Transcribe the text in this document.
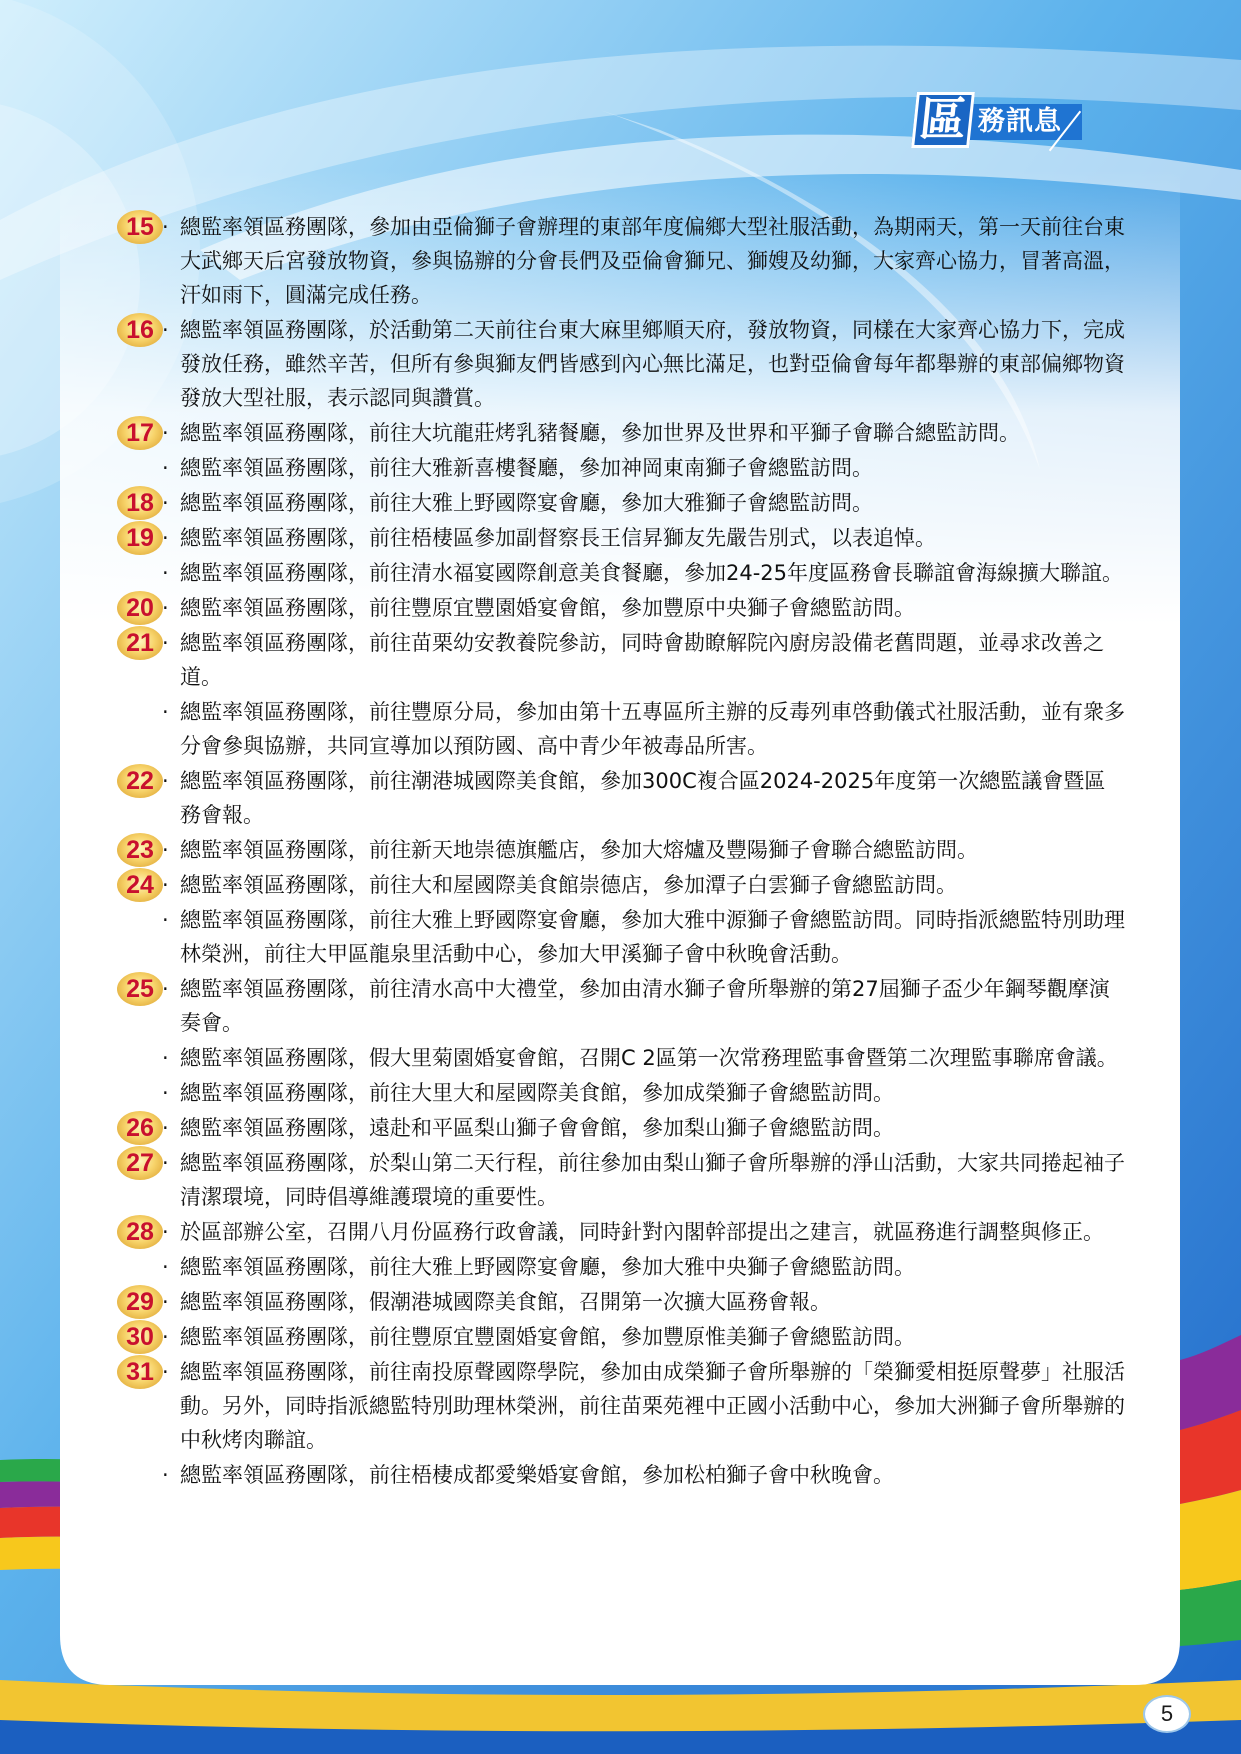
務訊息
區
15 · 總監率領區務團隊，參加由亞倫獅子會辦理的東部年度偏鄉大型社服活動，為期兩天，第一天前往台東大武鄉天后宮發放物資，參與協辦的分會長們及亞倫會獅兄、獅嫂及幼獅，大家齊心協力，冒著高溫，汗如雨下，圓滿完成任務。
16 · 總監率領區務團隊，於活動第二天前往台東大麻里鄉順天府，發放物資，同樣在大家齊心協力下，完成發放任務，雖然辛苦，但所有參與獅友們皆感到內心無比滿足，也對亞倫會每年都舉辦的東部偏鄉物資發放大型社服，表示認同與讚賞。
17 · 總監率領區務團隊，前往大坑龍莊烤乳豬餐廳，參加世界及世界和平獅子會聯合總監訪問。
· 總監率領區務團隊，前往大雅新喜樓餐廳，參加神岡東南獅子會總監訪問。
18 · 總監率領區務團隊，前往大雅上野國際宴會廳，參加大雅獅子會總監訪問。
19 · 總監率領區務團隊，前往梧棲區參加副督察長王信昇獅友先嚴告別式，以表追悼。
· 總監率領區務團隊，前往清水福宴國際創意美食餐廳，參加24-25年度區務會長聯誼會海線擴大聯誼。
20 · 總監率領區務團隊，前往豐原宜豐園婚宴會館，參加豐原中央獅子會總監訪問。
21 · 總監率領區務團隊，前往苗栗幼安教養院參訪，同時會勘瞭解院內廚房設備老舊問題，並尋求改善之道。
· 總監率領區務團隊，前往豐原分局，參加由第十五專區所主辦的反毒列車啓動儀式社服活動，並有衆多分會參與協辦，共同宣導加以預防國、高中青少年被毒品所害。
22 · 總監率領區務團隊，前往潮港城國際美食館，參加300C複合區2024-2025年度第一次總監議會暨區務會報。
23 · 總監率領區務團隊，前往新天地崇德旗艦店，參加大熔爐及豐陽獅子會聯合總監訪問。
24 · 總監率領區務團隊，前往大和屋國際美食館崇德店，參加潭子白雲獅子會總監訪問。
· 總監率領區務團隊，前往大雅上野國際宴會廳，參加大雅中源獅子會總監訪問。同時指派總監特別助理林榮洲，前往大甲區龍泉里活動中心，參加大甲溪獅子會中秋晚會活動。
25 · 總監率領區務團隊，前往清水高中大禮堂，參加由清水獅子會所舉辦的第27屆獅子盃少年鋼琴觀摩演奏會。
· 總監率領區務團隊，假大里菊園婚宴會館，召開C 2區第一次常務理監事會暨第二次理監事聯席會議。
· 總監率領區務團隊，前往大里大和屋國際美食館，參加成榮獅子會總監訪問。
26 · 總監率領區務團隊，遠赴和平區梨山獅子會會館，參加梨山獅子會總監訪問。
27 · 總監率領區務團隊，於梨山第二天行程，前往參加由梨山獅子會所舉辦的淨山活動，大家共同捲起袖子清潔環境，同時倡導維護環境的重要性。
28 · 於區部辦公室，召開八月份區務行政會議，同時針對內閣幹部提出之建言，就區務進行調整與修正。
· 總監率領區務團隊，前往大雅上野國際宴會廳，參加大雅中央獅子會總監訪問。
29 · 總監率領區務團隊，假潮港城國際美食館，召開第一次擴大區務會報。
30 · 總監率領區務團隊，前往豐原宜豐園婚宴會館，參加豐原惟美獅子會總監訪問。
31 · 總監率領區務團隊，前往南投原聲國際學院，參加由成榮獅子會所舉辦的「榮獅愛相挺原聲夢」社服活動。另外，同時指派總監特別助理林榮洲，前往苗栗苑裡中正國小活動中心，參加大洲獅子會所舉辦的中秋烤肉聯誼。
· 總監率領區務團隊，前往梧棲成都愛樂婚宴會館，參加松柏獅子會中秋晚會。
5
